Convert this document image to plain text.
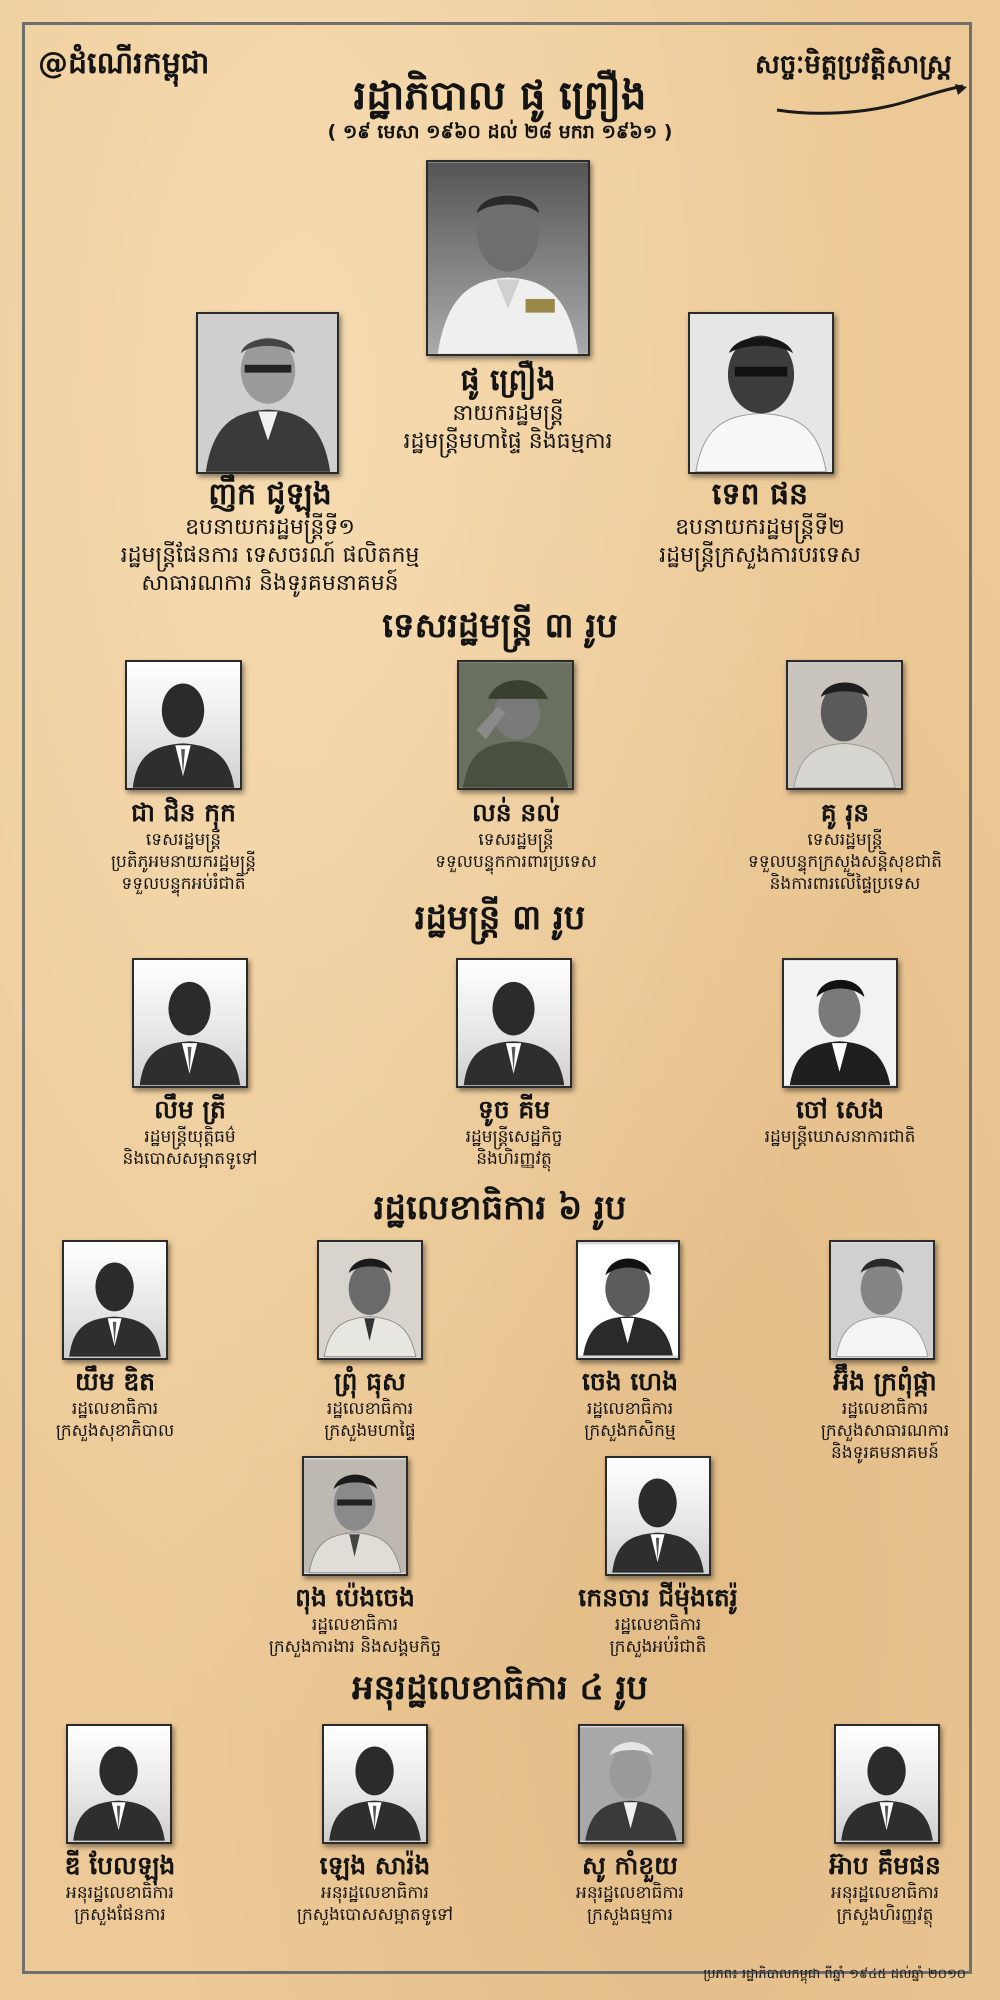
@ដំណើរកម្ពុជា	សច្ចៈមិត្តប្រវត្តិសាស្ត្រ
រដ្ឋាភិបាល ផូ ព្រឿង
( ១៩ មេសា ១៩៦០ ដល់ ២៨ មករា ១៩៦១ )
ផូ ព្រឿង
នាយករដ្ឋមន្ត្រី
រដ្ឋមន្ត្រីមហាផ្ទៃ និងធម្មការ
ញឹក ជូឡុង
ឧបនាយករដ្ឋមន្ត្រីទី១
រដ្ឋមន្ត្រីផែនការ ទេសចរណ៍ ផលិតកម្ម
សាធារណការ និងទូរគមនាគមន៍
ទេព ផន
ឧបនាយករដ្ឋមន្ត្រីទី២
រដ្ឋមន្ត្រីក្រសួងការបរទេស
ទេសរដ្ឋមន្ត្រី ៣ រូប
ជា ជិន កុក
ទេសរដ្ឋមន្ត្រី
ប្រតិភូអមនាយករដ្ឋមន្ត្រី
ទទួលបន្ទុកអប់រំជាតិ
លន់ នល់
ទេសរដ្ឋមន្ត្រី
ទទួលបន្ទុកការពារប្រទេស
គូ រុន
ទេសរដ្ឋមន្ត្រី
ទទួលបន្ទុកក្រសួងសន្តិសុខជាតិ
និងការពារលើផ្ទៃប្រទេស
រដ្ឋមន្ត្រី ៣ រូប
លឹម ត្រី
រដ្ឋមន្ត្រីយុត្តិធម៌
និងបោសសម្អាតទូទៅ
ទូច គីម
រដ្ឋមន្ត្រីសេដ្ឋកិច្ច
និងហិរញ្ញវត្ថុ
ចៅ សេង
រដ្ឋមន្ត្រីឃោសនាការជាតិ
រដ្ឋលេខាធិការ ៦ រូប
យឹម ឌិត
រដ្ឋលេខាធិការ
ក្រសួងសុខាភិបាល
ព្រុំ ធុស
រដ្ឋលេខាធិការ
ក្រសួងមហាផ្ទៃ
ចេង ហេង
រដ្ឋលេខាធិការ
ក្រសួងកសិកម្ម
អ៊ឹង ក្រពុំផ្កា
រដ្ឋលេខាធិការ
ក្រសួងសាធារណការ
និងទូរគមនាគមន៍
ពុង ប៉េងចេង
រដ្ឋលេខាធិការ
ក្រសួងការងារ និងសង្គមកិច្ច
កេនចារ ជីម៉ុងតេរ៉ូ
រដ្ឋលេខាធិការ
ក្រសួងអប់រំជាតិ
អនុរដ្ឋលេខាធិការ ៤ រូប
ឌី បែលឡុង
អនុរដ្ឋលេខាធិការ
ក្រសួងផែនការ
ឡេង សារ៉ង
អនុរដ្ឋលេខាធិការ
ក្រសួងបោសសម្អាតទូទៅ
សូ កាំខួយ
អនុរដ្ឋលេខាធិការ
ក្រសួងធម្មការ
អ៊ាប គឹមផន
អនុរដ្ឋលេខាធិការ
ក្រសួងហិរញ្ញវត្ថុ
ប្រភព៖ រដ្ឋាភិបាលកម្ពុជា ពីឆ្នាំ ១៩៤៥ ដល់ឆ្នាំ ២០១០
